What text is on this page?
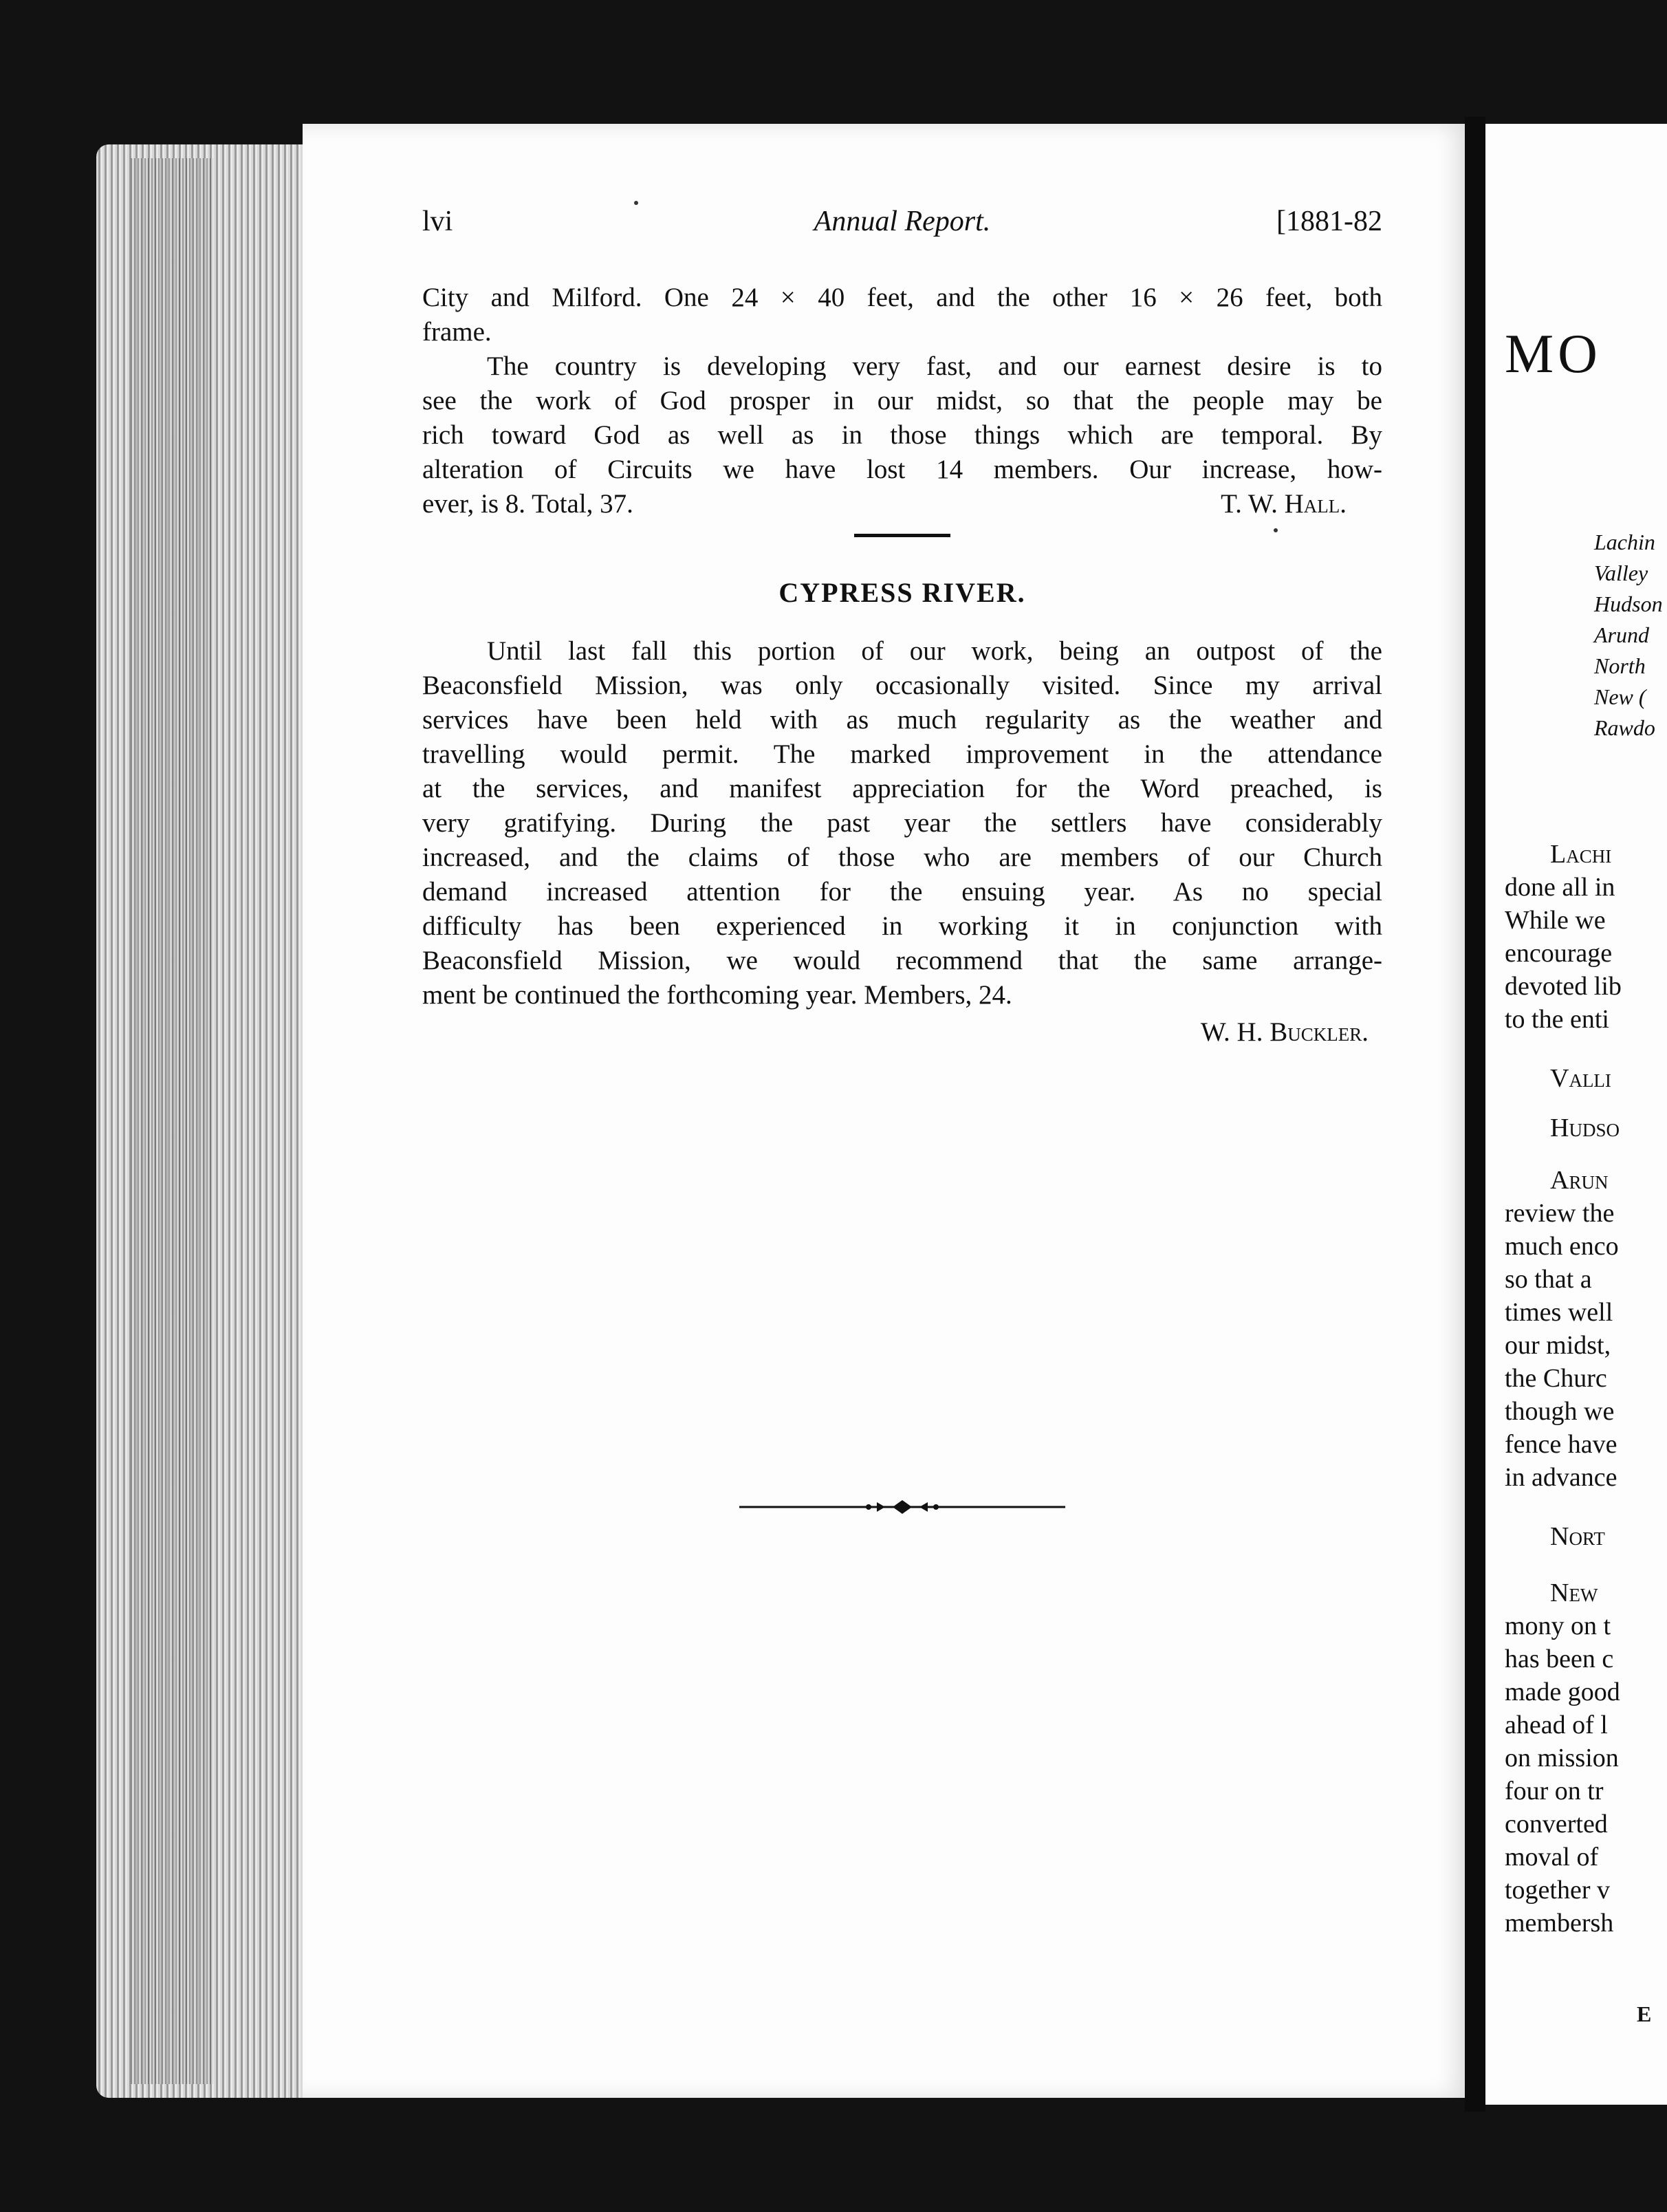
Annual Report.
lvi	[1881-82
City and Milford. One 24 × 40 feet, and the other 16 × 26 feet, both
frame.
The country is developing very fast, and our earnest desire is to
see the work of God prosper in our midst, so that the people may be
rich toward God as well as in those things which are temporal. By
alteration of Circuits we have lost 14 members. Our increase, how-
ever, is 8. Total, 37.	T. W. Hall.
CYPRESS RIVER.
Until last fall this portion of our work, being an outpost of the
Beaconsfield Mission, was only occasionally visited. Since my arrival
services have been held with as much regularity as the weather and
travelling would permit. The marked improvement in the attendance
at the services, and manifest appreciation for the Word preached, is
very gratifying. During the past year the settlers have considerably
increased, and the claims of those who are members of our Church
demand increased attention for the ensuing year. As no special
difficulty has been experienced in working it in conjunction with
Beaconsfield Mission, we would recommend that the same arrange-
ment be continued the forthcoming year. Members, 24.
W. H. Buckler.
MO
Lachin
Valley
Hudson
Arund
North
New (
Rawdo
Lachi
done all in
While we
encourage
devoted lib
to the enti
Valli
Hudso
Arun
review the
much enco
so that a
times well
our midst,
the Churc
though we
fence have
in advance
Nort
New
mony on t
has been c
made good
ahead of l
on mission
four on tr
converted
moval of
together v
membersh
E
